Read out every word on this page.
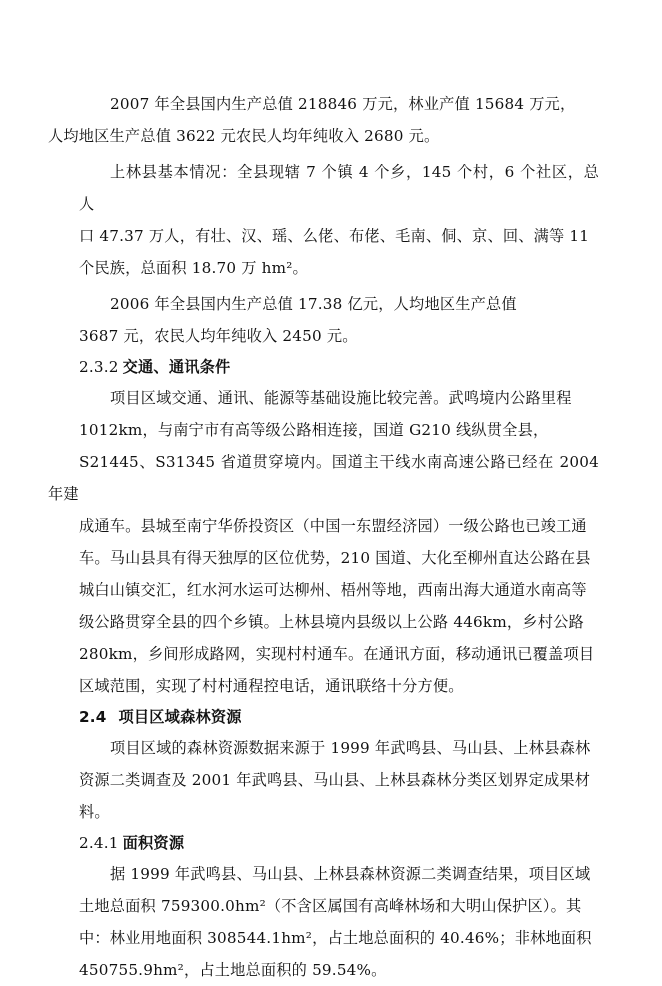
2007 年全县国内生产总值 218846 万元，林业产值 15684 万元，
人均地区生产总值 3622 元农民人均年纯收入 2680 元。

上林县基本情况：全县现辖 7 个镇 4 个乡，145 个村，6 个社区，总人
口 47.37 万人，有壮、汉、瑶、么佬、布佬、毛南、侗、京、回、满等 11
个民族，总面积 18.70 万 hm²。

2006 年全县国内生产总值 17.38 亿元，人均地区生产总值
3687 元，农民人均年纯收入 2450 元。

2.3.2 交通、通讯条件

项目区域交通、通讯、能源等基础设施比较完善。武鸣境内公路里程
1012km，与南宁市有高等级公路相连接，国道 G210 线纵贯全县，
S21445、S31345 省道贯穿境内。国道主干线水南高速公路已经在 2004 年建
成通车。县城至南宁华侨投资区（中国一东盟经济园）一级公路也已竣工通
车。马山县具有得天独厚的区位优势，210 国道、大化至柳州直达公路在县
城白山镇交汇，红水河水运可达柳州、梧州等地，西南出海大通道水南高等
级公路贯穿全县的四个乡镇。上林县境内县级以上公路 446km，乡村公路
280km，乡间形成路网，实现村村通车。在通讯方面，移动通讯已覆盖项目
区域范围，实现了村村通程控电话，通讯联络十分方便。

2.4 项目区域森林资源

项目区域的森林资源数据来源于 1999 年武鸣县、马山县、上林县森林
资源二类调查及 2001 年武鸣县、马山县、上林县森林分类区划界定成果材
料。

2.4.1 面积资源

据 1999 年武鸣县、马山县、上林县森林资源二类调查结果，项目区域
土地总面积 759300.0hm²（不含区属国有高峰林场和大明山保护区）。其
中：林业用地面积 308544.1hm²，占土地总面积的 40.46%；非林地面积
450755.9hm²，占土地总面积的 59.54%。
